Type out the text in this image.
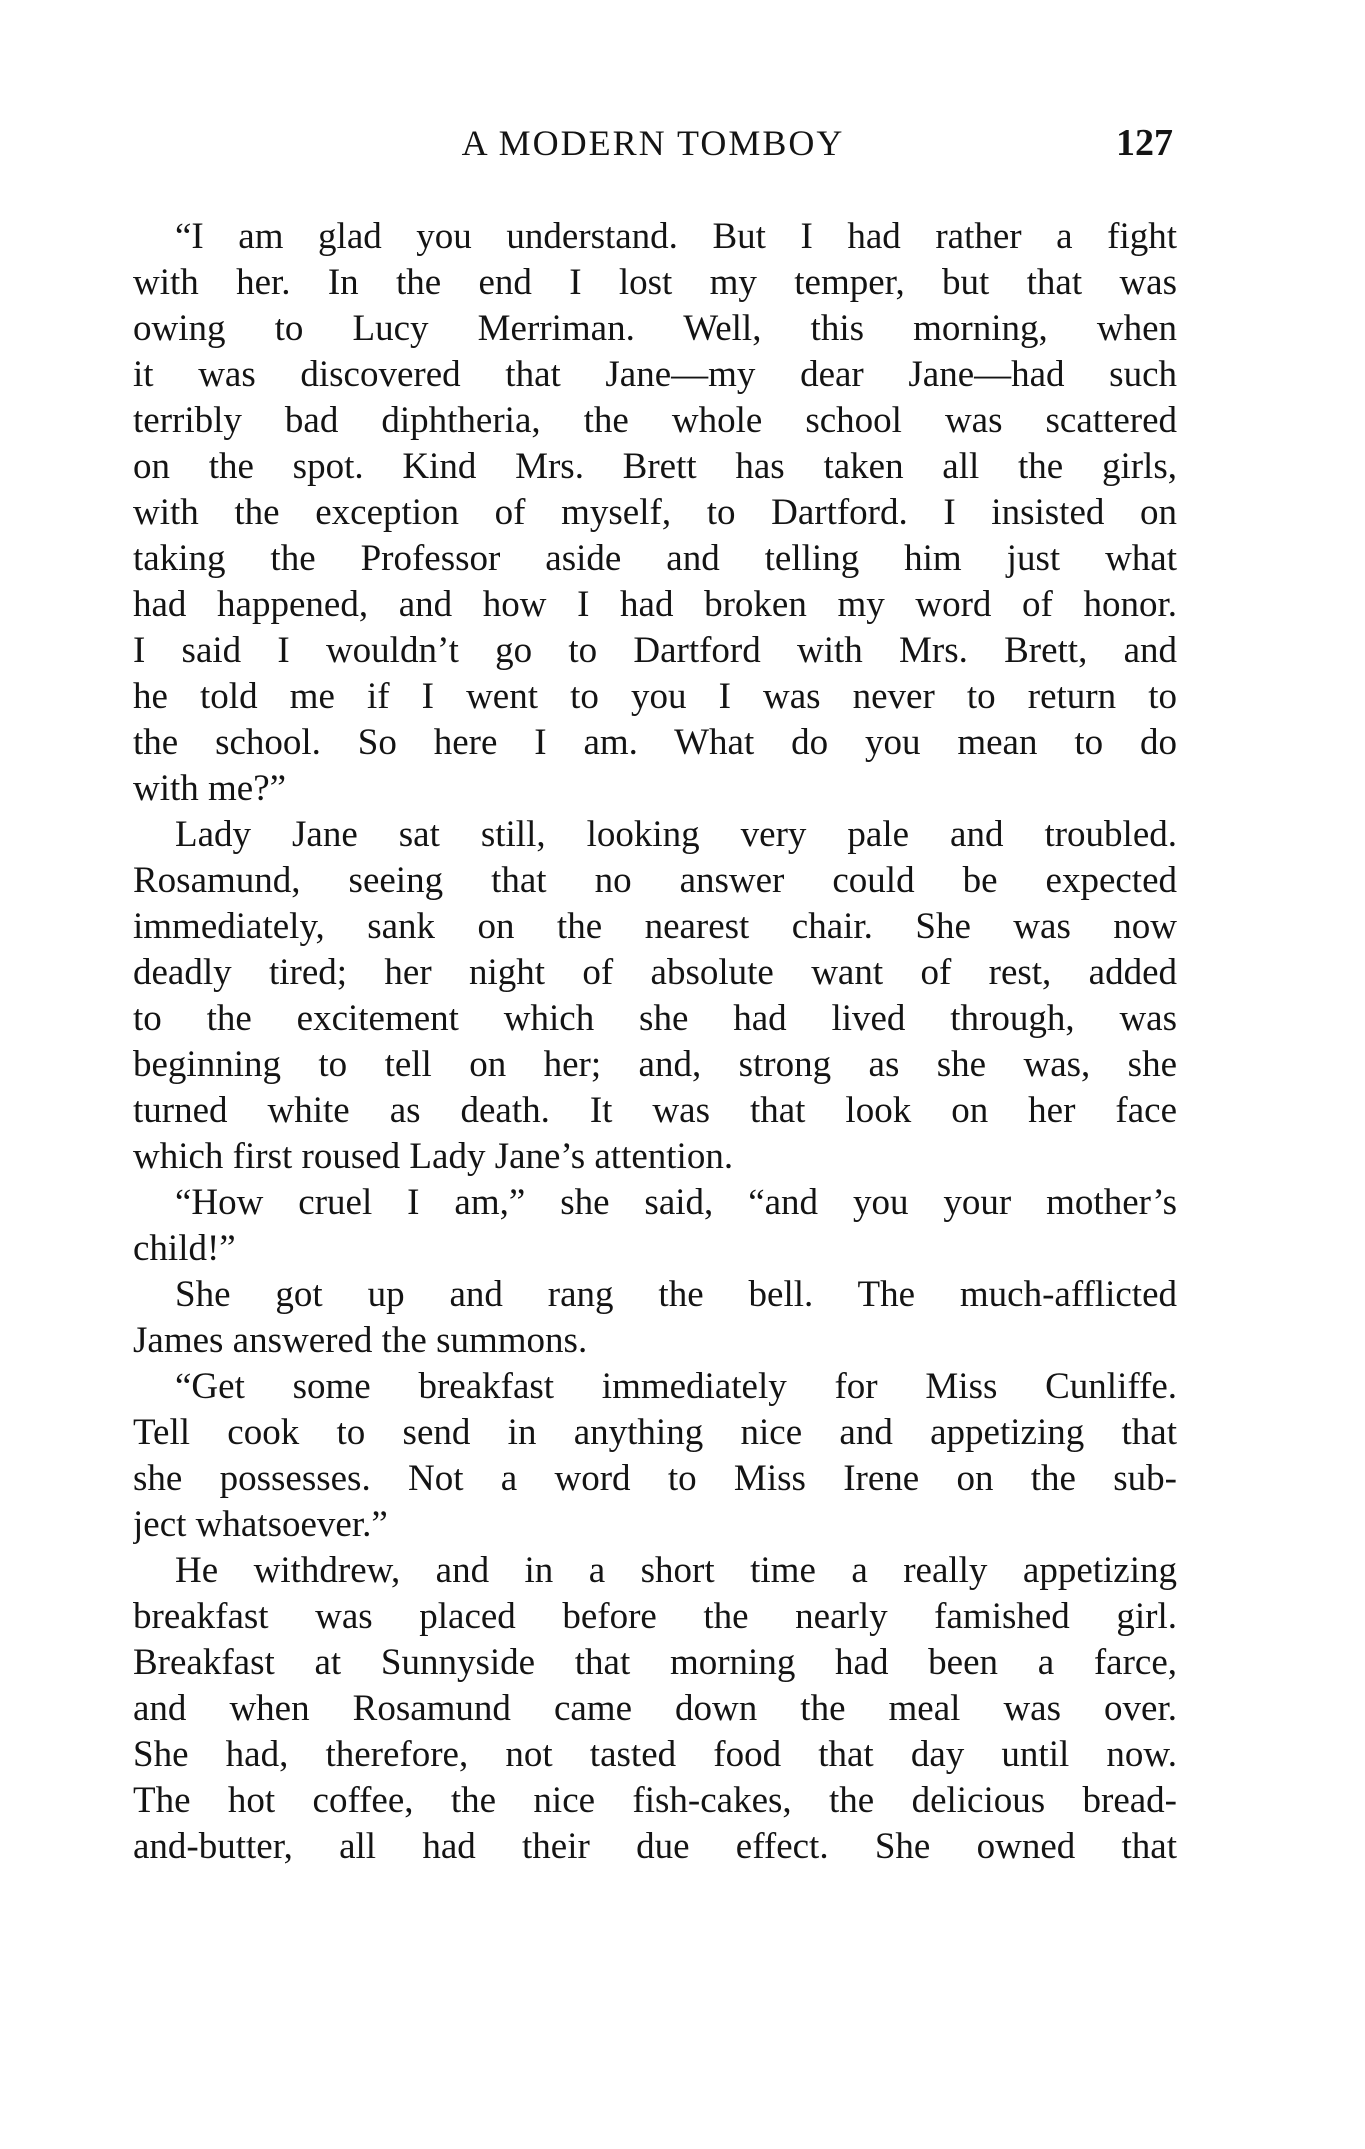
A MODERN TOMBOY	127
“I am glad you understand. But I had rather a fight
with her. In the end I lost my temper, but that was
owing to Lucy Merriman. Well, this morning, when
it was discovered that Jane—my dear Jane—had such
terribly bad diphtheria, the whole school was scattered
on the spot. Kind Mrs. Brett has taken all the girls,
with the exception of myself, to Dartford. I insisted on
taking the Professor aside and telling him just what
had happened, and how I had broken my word of honor.
I said I wouldn’t go to Dartford with Mrs. Brett, and
he told me if I went to you I was never to return to
the school. So here I am. What do you mean to do
with me?”
Lady Jane sat still, looking very pale and troubled.
Rosamund, seeing that no answer could be expected
immediately, sank on the nearest chair. She was now
deadly tired; her night of absolute want of rest, added
to the excitement which she had lived through, was
beginning to tell on her; and, strong as she was, she
turned white as death. It was that look on her face
which first roused Lady Jane’s attention.
“How cruel I am,” she said, “and you your mother’s
child!”
She got up and rang the bell. The much-afflicted
James answered the summons.
“Get some breakfast immediately for Miss Cunliffe.
Tell cook to send in anything nice and appetizing that
she possesses. Not a word to Miss Irene on the sub-
ject whatsoever.”
He withdrew, and in a short time a really appetizing
breakfast was placed before the nearly famished girl.
Breakfast at Sunnyside that morning had been a farce,
and when Rosamund came down the meal was over.
She had, therefore, not tasted food that day until now.
The hot coffee, the nice fish-cakes, the delicious bread-
and-butter, all had their due effect. She owned that
